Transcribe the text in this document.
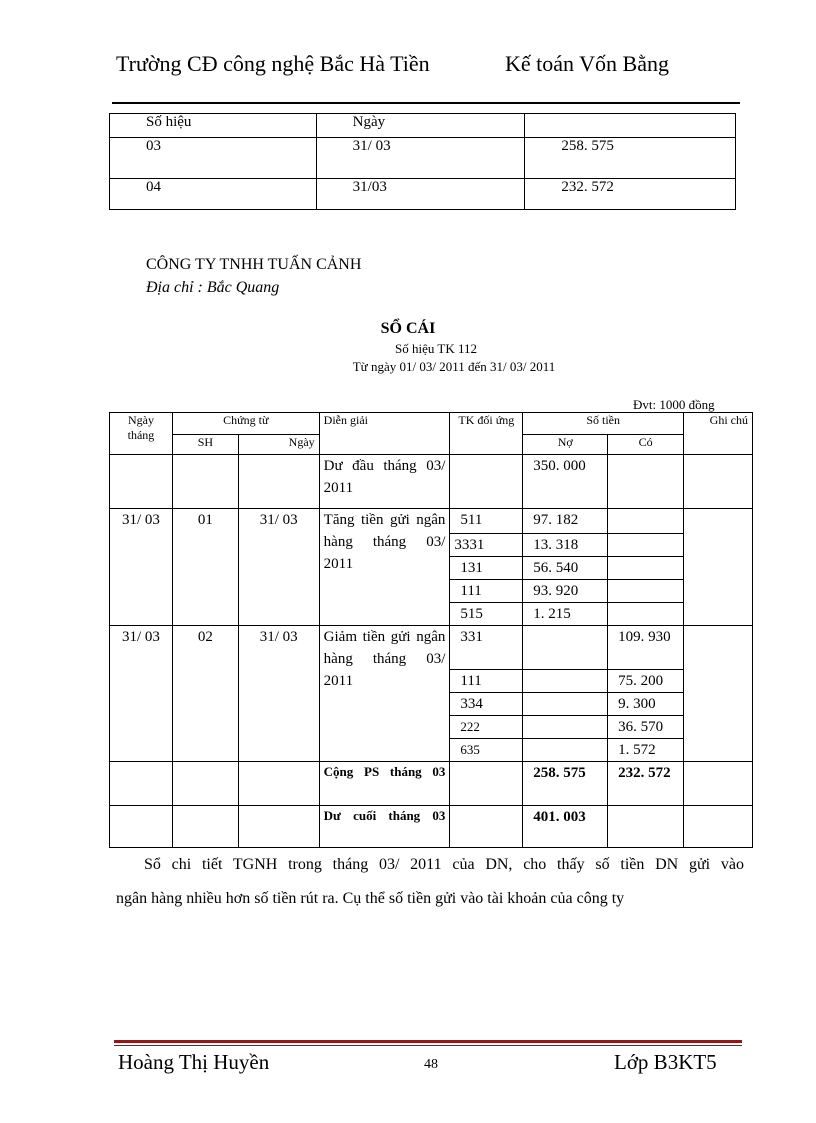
Trường CĐ công nghệ Bắc Hà Tiền	Kế toán Vốn Bằng
Số hiệu	Ngày	
03	31/ 03	258. 575
04	31/03	232. 572
CÔNG TY TNHH TUẤN CẢNH
Địa chỉ : Bắc Quang
SỔ CÁI
Số hiệu TK 112
Từ ngày 01/ 03/ 2011 đến 31/ 03/ 2011
Đvt: 1000 đồng
Ngày tháng	Chứng từ		Diễn giải	TK đối ứng	Số tiền		Ghi chú
	SH	Ngày			Nợ	Có	
			Dư đầu tháng 03/ 2011		350. 000		
31/ 03	01	31/ 03	Tăng tiền gửi ngân hàng tháng 03/ 2011	511	97. 182		
				3331	13. 318		
				131	56. 540		
				111	93. 920		
				515	1. 215		
31/ 03	02	31/ 03	Giảm tiền gửi ngân hàng tháng 03/ 2011	331		109. 930	
				111		75. 200	
				334		9. 300	
				222		36. 570	
				635		1. 572	
			Cộng PS tháng 03		258. 575	232. 572	
			Dư cuối tháng 03		401. 003		

Sổ chi tiết TGNH trong tháng 03/ 2011 của DN, cho thấy số tiền DN gửi vào

ngân hàng nhiều hơn số tiền rút ra. Cụ thể số tiền gửi vào tài khoản của công ty

Hoàng Thị Huyền	48	Lớp B3KT5
